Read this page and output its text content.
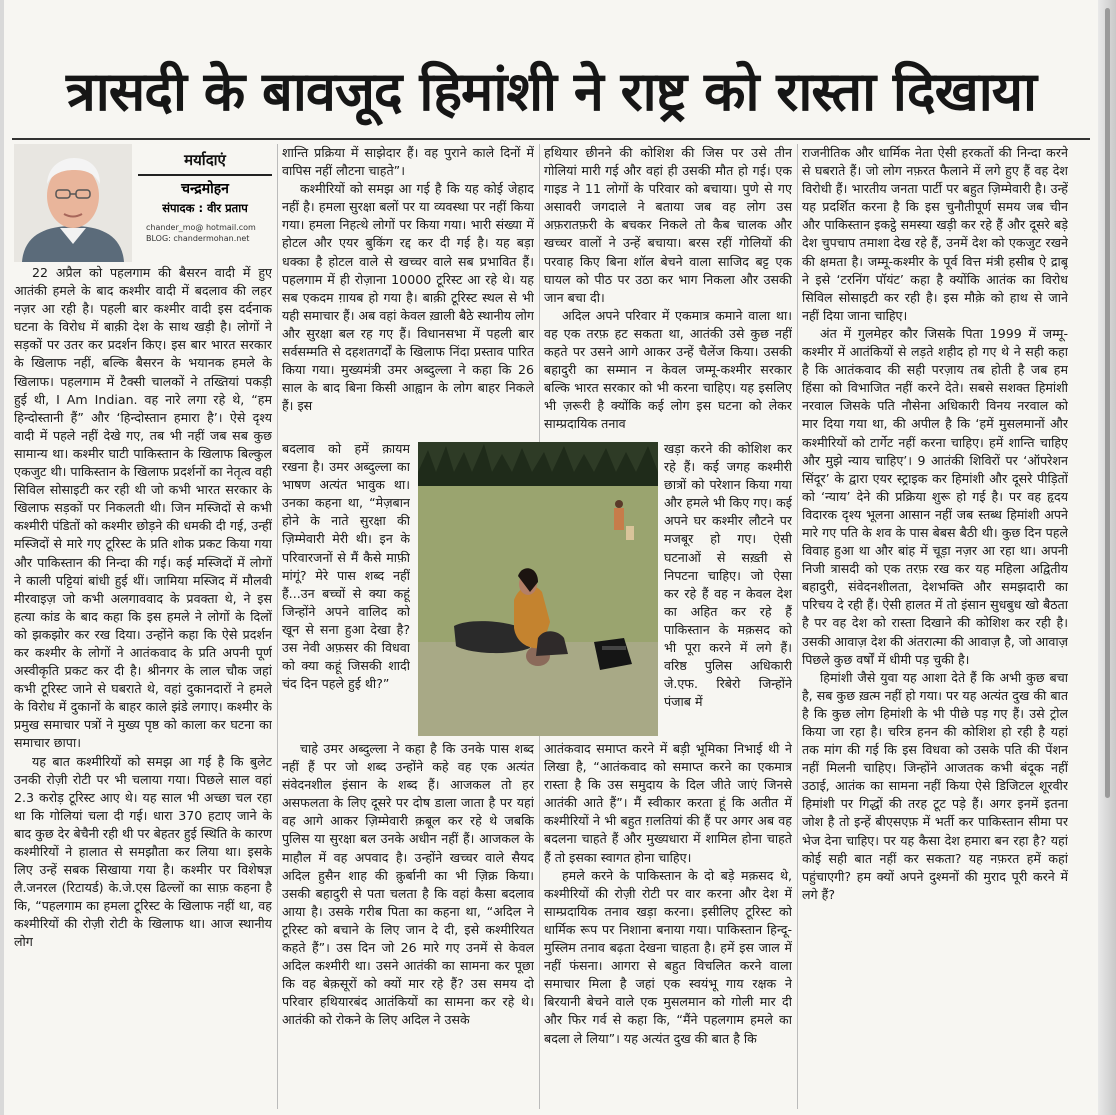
त्रासदी के बावजूद हिमांशी ने राष्ट्र को रास्ता दिखाया
मर्यादाएं
चन्द्रमोहन
संपादक : वीर प्रताप
chander_mo@ hotmail.com
BLOG: chandermohan.net

22 अप्रैल को पहलगाम की बैसरन वादी में हुए आतंकी हमले के बाद कश्मीर वादी में बदलाव की लहर नज़र आ रही है। पहली बार कश्मीर वादी इस दर्दनाक घटना के विरोध में बाक़ी देश के साथ खड़ी है। लोगों ने सड़कों पर उतर कर प्रदर्शन किए। इस बार भारत सरकार के खिलाफ नहीं, बल्कि बैसरन के भयानक हमले के खिलाफ। पहलगाम में टैक्सी चालकों ने तख्तियां पकड़ी हुई थी, I Am Indian. वह नारे लगा रहे थे, “हम हिन्दोस्तानी हैं” और ‘हिन्दोस्तान हमारा है’। ऐसे दृश्य वादी में पहले नहीं देखे गए, तब भी नहीं जब सब कुछ सामान्य था। कश्मीर घाटी पाकिस्तान के खिलाफ बिल्कुल एकजुट थी। पाकिस्तान के खिलाफ प्रदर्शनों का नेतृत्व वही सिविल सोसाइटी कर रही थी जो कभी भारत सरकार के खिलाफ सड़कों पर निकलती थी। जिन मस्जिदों से कभी कश्मीरी पंडितों को कश्मीर छोड़ने की धमकी दी गई, उन्हीं मस्जिदों से मारे गए टूरिस्ट के प्रति शोक प्रकट किया गया और पाकिस्तान की निन्दा की गई। कई मस्जिदों में लोगों ने काली पट्टियां बांधी हुई थीं। जामिया मस्जिद में मौलवी मीरवाइज़ जो कभी अलगाववाद के प्रवक्ता थे, ने इस हत्या कांड के बाद कहा कि इस हमले ने लोगों के दिलों को झकझोर कर रख दिया। उन्होंने कहा कि ऐसे प्रदर्शन कर कश्मीर के लोगों ने आतंकवाद के प्रति अपनी पूर्ण अस्वीकृति प्रकट कर दी है। श्रीनगर के लाल चौक जहां कभी टूरिस्ट जाने से घबराते थे, वहां दुकानदारों ने हमले के विरोध में दुकानों के बाहर काले झंडे लगाए। कश्मीर के प्रमुख समाचार पत्रों ने मुख्य पृष्ठ को काला कर घटना का समाचार छापा।

यह बात कश्मीरियों को समझ आ गई है कि बुलेट उनकी रोज़ी रोटी पर भी चलाया गया। पिछले साल वहां 2.3 करोड़ टूरिस्ट आए थे। यह साल भी अच्छा चल रहा था कि गोलियां चला दी गई। धारा 370 हटाए जाने के बाद कुछ देर बेचैनी रही थी पर बेहतर हुई स्थिति के कारण कश्मीरियों ने हालात से समझौता कर लिया था। इसके लिए उन्हें सबक सिखाया गया है। कश्मीर पर विशेषज्ञ लै.जनरल (रिटायर्ड) के.जे.एस ढिल्लों का साफ़ कहना है कि, “पहलगाम का हमला टूरिस्ट के खिलाफ नहीं था, वह कश्मीरियों की रोज़ी रोटी के खिलाफ था। आज स्थानीय लोग

शान्ति प्रक्रिया में साझेदार हैं। वह पुराने काले दिनों में वापिस नहीं लौटना चाहते”।

कश्मीरियों को समझ आ गई है कि यह कोई जेहाद नहीं है। हमला सुरक्षा बलों पर या व्यवस्था पर नहीं किया गया। हमला निहत्थे लोगों पर किया गया। भारी संख्या में होटल और एयर बुकिंग रद्द कर दी गई है। यह बड़ा धक्का है होटल वाले से खच्चर वाले सब प्रभावित हैं। पहलगाम में ही रोज़ाना 10000 टूरिस्ट आ रहे थे। यह सब एकदम ग़ायब हो गया है। बाक़ी टूरिस्ट स्थल से भी यही समाचार हैं। अब वहां केवल ख़ाली बैठे स्थानीय लोग और सुरक्षा बल रह गए हैं। विधानसभा में पहली बार सर्वसम्मति से दहशतगर्दों के खिलाफ निंदा प्रस्ताव पारित किया गया। मुख्यमंत्री उमर अब्दुल्ला ने कहा कि 26 साल के बाद बिना किसी आह्वान के लोग बाहर निकले हैं। इस

बदलाव को हमें क़ायम रखना है। उमर अब्दुल्ला का भाषण अत्यंत भावुक था। उनका कहना था, “मेज़बान होने के नाते सुरक्षा की ज़िम्मेवारी मेरी थी। इन के परिवारजनों से मैं कैसे माफ़ी मांगूं? मेरे पास शब्द नहीं हैं...उन बच्चों से क्या कहूं जिन्होंने अपने वालिद को खून से सना हुआ देखा है? उस नेवी अफ़सर की विधवा को क्या कहूं जिसकी शादी चंद दिन पहले हुई थी?”

चाहे उमर अब्दुल्ला ने कहा है कि उनके पास शब्द नहीं हैं पर जो शब्द उन्होंने कहे वह एक अत्यंत संवेदनशील इंसान के शब्द हैं। आजकल तो हर असफलता के लिए दूसरे पर दोष डाला जाता है पर यहां वह आगे आकर ज़िम्मेवारी क़बूल कर रहे थे जबकि पुलिस या सुरक्षा बल उनके अधीन नहीं हैं। आजकल के माहौल में वह अपवाद है। उन्होंने खच्चर वाले सैयद अदिल हुसैन शाह की क़ुर्बानी का भी ज़िक्र किया। उसकी बहादुरी से पता चलता है कि वहां कैसा बदलाव आया है। उसके गरीब पिता का कहना था, “अदिल ने टूरिस्ट को बचाने के लिए जान दे दी, इसे कश्मीरियत कहते हैं”। उस दिन जो 26 मारे गए उनमें से केवल अदिल कश्मीरी था। उसने आतंकी का सामना कर पूछा कि वह बेक़सूरों को क्यों मार रहे हैं? उस समय दो परिवार हथियारबंद आतंकियों का सामना कर रहे थे। आतंकी को रोकने के लिए अदिल ने उसके

हथियार छीनने की कोशिश की जिस पर उसे तीन गोलियां मारी गई और वहां ही उसकी मौत हो गई। एक गाइड ने 11 लोगों के परिवार को बचाया। पुणे से गए असावरी जगदाले ने बताया जब वह लोग उस अफ़रातफ़री के बचकर निकले तो कैब चालक और खच्चर वालों ने उन्हें बचाया। बरस रहीं गोलियों की परवाह किए बिना शॉल बेचने वाला साजिद बट्ट एक घायल को पीठ पर उठा कर भाग निकला और उसकी जान बचा दी।

अदिल अपने परिवार में एकमात्र कमाने वाला था। वह एक तरफ़ हट सकता था, आतंकी उसे कुछ नहीं कहते पर उसने आगे आकर उन्हें चैलेंज किया। उसकी बहादुरी का सम्मान न केवल जम्मू-कश्मीर सरकार बल्कि भारत सरकार को भी करना चाहिए। यह इसलिए भी ज़रूरी है क्योंकि कई लोग इस घटना को लेकर साम्प्रदायिक तनाव

खड़ा करने की कोशिश कर रहे हैं। कई जगह कश्मीरी छात्रों को परेशान किया गया और हमले भी किए गए। कई अपने घर कश्मीर लौटने पर मजबूर हो गए। ऐसी घटनाओं से सख़्ती से निपटना चाहिए। जो ऐसा कर रहे हैं वह न केवल देश का अहित कर रहे हैं पाकिस्तान के मक़सद को भी पूरा करने में लगे हैं। वरिष्ठ पुलिस अधिकारी जे.एफ. रिबेरो जिन्होंने पंजाब में

आतंकवाद समाप्त करने में बड़ी भूमिका निभाई थी ने लिखा है, “आतंकवाद को समाप्त करने का एकमात्र रास्ता है कि उस समुदाय के दिल जीते जाएं जिनसे आतंकी आते हैं”। मैं स्वीकार करता हूं कि अतीत में कश्मीरियों ने भी बहुत ग़लतियां की हैं पर अगर अब वह बदलना चाहते हैं और मुख्यधारा में शामिल होना चाहते हैं तो इसका स्वागत होना चाहिए।

हमले करने के पाकिस्तान के दो बड़े मक़सद थे, कश्मीरियों की रोज़ी रोटी पर वार करना और देश में साम्प्रदायिक तनाव खड़ा करना। इसीलिए टूरिस्ट को धार्मिक रूप पर निशाना बनाया गया। पाकिस्तान हिन्दू-मुस्लिम तनाव बढ़ता देखना चाहता है। हमें इस जाल में नहीं फंसना। आगरा से बहुत विचलित करने वाला समाचार मिला है जहां एक स्वयंभू गाय रक्षक ने बिरयानी बेचने वाले एक मुसलमान को गोली मार दी और फिर गर्व से कहा कि, “मैंने पहलगाम हमले का बदला ले लिया”। यह अत्यंत दुख की बात है कि

राजनीतिक और धार्मिक नेता ऐसी हरकतों की निन्दा करने से घबराते हैं। जो लोग नफ़रत फैलाने में लगे हुए हैं वह देश विरोधी हैं। भारतीय जनता पार्टी पर बहुत ज़िम्मेवारी है। उन्हें यह प्रदर्शित करना है कि इस चुनौतीपूर्ण समय जब चीन और पाकिस्तान इकट्ठे समस्या खड़ी कर रहे हैं और दूसरे बड़े देश चुपचाप तमाशा देख रहे हैं, उनमें देश को एकजुट रखने की क्षमता है। जम्मू-कश्मीर के पूर्व वित्त मंत्री हसीब ऐ द्राबू ने इसे ‘टरनिंग पॉयंट’ कहा है क्योंकि आतंक का विरोध सिविल सोसाइटी कर रही है। इस मौक़े को हाथ से जाने नहीं दिया जाना चाहिए।

अंत में गुलमेहर कौर जिसके पिता 1999 में जम्मू-कश्मीर में आतंकियों से लड़ते शहीद हो गए थे ने सही कहा है कि आतंकवाद की सही परज़ाय तब होती है जब हम हिंसा को विभाजित नहीं करने देते। सबसे सशक्त हिमांशी नरवाल जिसके पति नौसेना अधिकारी विनय नरवाल को मार दिया गया था, की अपील है कि ‘हमें मुसलमानों और कश्मीरियों को टार्गेट नहीं करना चाहिए। हमें शान्ति चाहिए और मुझे न्याय चाहिए’। 9 आतंकी शिविरों पर ‘ऑपरेशन सिंदूर’ के द्वारा एयर स्ट्राइक कर हिमांशी और दूसरे पीड़ितों को ‘न्याय’ देने की प्रक्रिया शुरू हो गई है। पर वह हृदय विदारक दृश्य भूलना आसान नहीं जब स्तब्ध हिमांशी अपने मारे गए पति के शव के पास बेबस बैठी थी। कुछ दिन पहले विवाह हुआ था और बांह में चूड़ा नज़र आ रहा था। अपनी निजी त्रासदी को एक तरफ़ रख कर यह महिला अद्वितीय बहादुरी, संवेदनशीलता, देशभक्ति और समझदारी का परिचय दे रही हैं। ऐसी हालत में तो इंसान सुधबुध खो बैठता है पर वह देश को रास्ता दिखाने की कोशिश कर रही है। उसकी आवाज़ देश की अंतरात्मा की आवाज़ है, जो आवाज़ पिछले कुछ वर्षों में धीमी पड़ चुकी है।

हिमांशी जैसे युवा यह आशा देते हैं कि अभी कुछ बचा है, सब कुछ ख़त्म नहीं हो गया। पर यह अत्यंत दुख की बात है कि कुछ लोग हिमांशी के भी पीछे पड़ गए हैं। उसे ट्रोल किया जा रहा है। चरित्र हनन की कोशिश हो रही है यहां तक मांग की गई कि इस विधवा को उसके पति की पेंशन नहीं मिलनी चाहिए। जिन्होंने आजतक कभी बंदूक नहीं उठाई, आतंक का सामना नहीं किया ऐसे डिजिटल शूरवीर हिमांशी पर गिद्धों की तरह टूट पड़े हैं। अगर इनमें इतना जोश है तो इन्हें बीएसएफ़ में भर्ती कर पाकिस्तान सीमा पर भेज देना चाहिए। पर यह कैसा देश हमारा बन रहा है? यहां कोई सही बात नहीं कर सकता? यह नफ़रत हमें कहां पहुंचाएगी? हम क्यों अपने दुश्मनों की मुराद पूरी करने में लगे हैं?
